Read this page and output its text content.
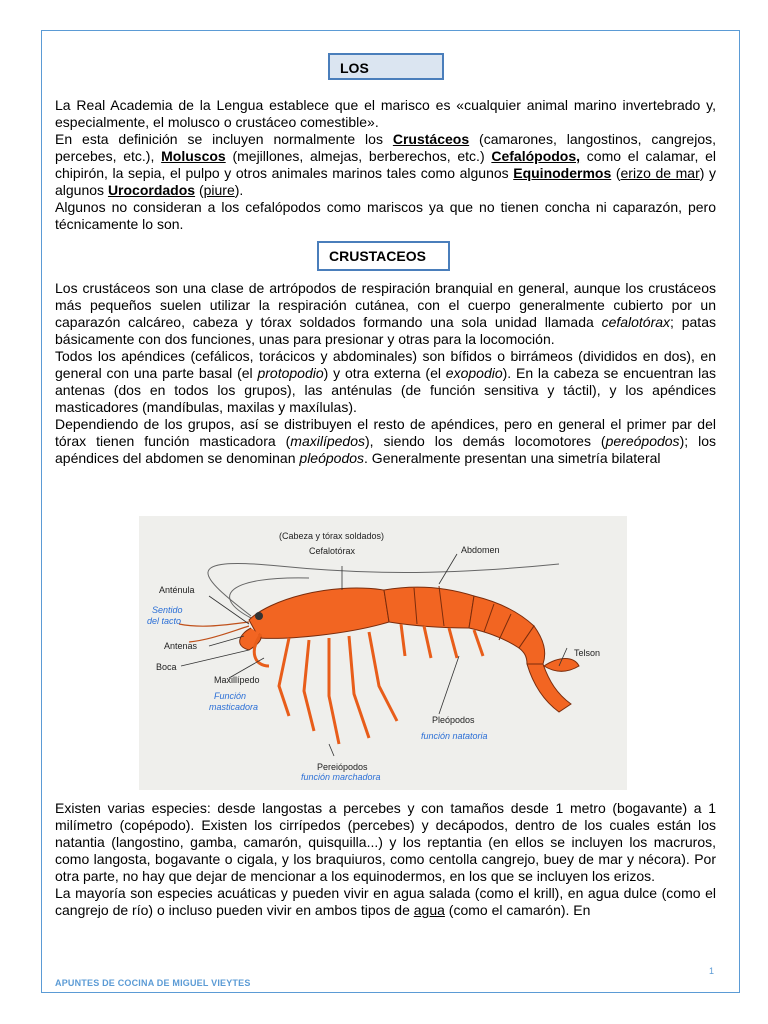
LOS

La Real Academia de la Lengua establece que el marisco es «cualquier animal marino invertebrado y, especialmente, el molusco o crustáceo comestible».

En esta definición se incluyen normalmente los Crustáceos (camarones, langostinos, cangrejos, percebes, etc.), Moluscos (mejillones, almejas, berberechos, etc.) Cefalópodos, como el calamar, el chipirón, la sepia, el pulpo y otros animales marinos tales como algunos Equinodermos (erizo de mar) y algunos Urocordados (piure).

Algunos no consideran a los cefalópodos como mariscos ya que no tienen concha ni caparazón, pero técnicamente lo son.

CRUSTACEOS

Los crustáceos son una clase de artrópodos de respiración branquial en general, aunque los crustáceos más pequeños suelen utilizar la respiración cutánea, con el cuerpo generalmente cubierto por un caparazón calcáreo, cabeza y tórax soldados formando una sola unidad llamada cefalotórax; patas básicamente con dos funciones, unas para presionar y otras para la locomoción.

Todos los apéndices (cefálicos, torácicos y abdominales) son bífidos o birrámeos (divididos en dos), en general con una parte basal (el protopodio) y otra externa (el exopodio). En la cabeza se encuentran las antenas (dos en todos los grupos), las anténulas (de función sensitiva y táctil), y los apéndices masticadores (mandíbulas, maxilas y maxílulas).

Dependiendo de los grupos, así se distribuyen el resto de apéndices, pero en general el primer par del tórax tienen función masticadora (maxilípedos), siendo los demás locomotores (pereópodos); los apéndices del abdomen se denominan pleópodos. Generalmente presentan una simetría bilateral

(Cabeza y tórax soldados)
Cefalotórax	Abdomen
Anténula
Sentido
del tacto
Antenas
Boca
Maxillípedo
Función
masticadora
Telson
Pleópodos
función natatoria
Pereiópodos
función marchadora

Existen varias especies: desde langostas a percebes y con tamaños desde 1 metro (bogavante) a 1 milímetro (copépodo). Existen los cirrípedos (percebes) y decápodos, dentro de los cuales están los natantia (langostino, gamba, camarón, quisquilla...) y los reptantia (en ellos se incluyen los macruros, como langosta, bogavante o cigala, y los braquiuros, como centolla cangrejo, buey de mar y nécora). Por otra parte, no hay que dejar de mencionar a los equinodermos, en los que se incluyen los erizos.

La mayoría son especies acuáticas y pueden vivir en agua salada (como el krill), en agua dulce (como el cangrejo de río) o incluso pueden vivir en ambos tipos de agua (como el camarón). En

1
APUNTES DE COCINA DE MIGUEL VIEYTES
